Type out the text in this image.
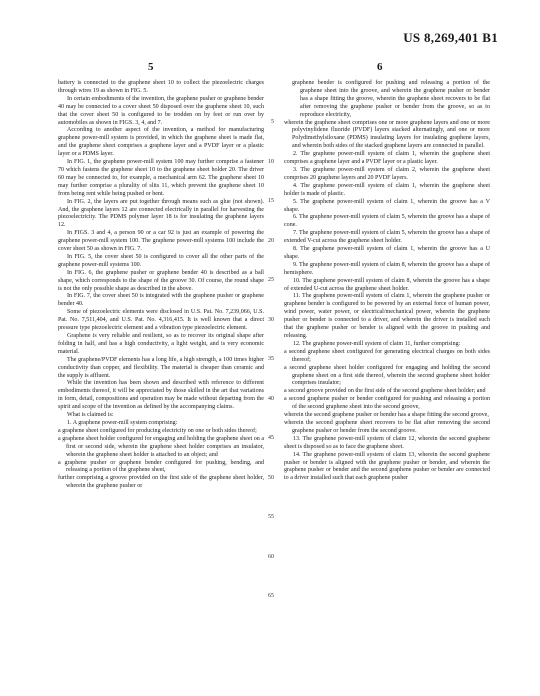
US 8,269,401 B1
5	6

battery is connected to the graphene sheet 10 to collect the piezoelectric charges through wires 19 as shown in FIG. 5.

In certain embodiments of the invention, the graphene pusher or graphene bender 40 may be connected to a cover sheet 50 disposed over the graphene sheet 10, such that the cover sheet 50 is configured to be trodden on by feet or run over by automobiles as shown in FIGS. 3, 4, and 7.

According to another aspect of the invention, a method for manufacturing graphene power-mill system is provided, in which the graphene sheet is made flat, and the graphene sheet comprises a graphene layer and a PVDF layer or a plastic layer or a PDMS layer.

In FIG. 1, the graphene power-mill system 100 may further comprise a fastener 70 which fastens the graphene sheet 10 to the graphene sheet holder 20. The driver 60 may be connected to, for example, a mechanical arm 62. The graphene sheet 10 may further comprise a plurality of slits 11, which prevent the graphene sheet 10 from being rent while being pushed or bent.

In FIG. 2, the layers are put together through means such as glue (not shown). And, the graphene layers 12 are connected electrically in parallel for harvesting the piezoelectricity. The PDMS polymer layer 18 is for insulating the graphene layers 12.

In FIGS. 3 and 4, a person 90 or a car 92 is just an example of powering the graphene power-mill system 100. The graphene power-mill systems 100 include the cover sheet 50 as shown in FIG. 7.

In FIG. 5, the cover sheet 50 is configured to cover all the other parts of the graphene power-mill systems 100.

In FIG. 6, the graphene pusher or graphene bender 40 is described as a ball shape, which corresponds to the shape of the groove 30. Of course, the round shape is not the only possible shape as described in the above.

In FIG. 7, the cover sheet 50 is integrated with the graphene pusher or graphene bender 40.

Some of piezoelectric elements were disclosed in U.S. Pat. No. 7,239,066, U.S. Pat. No. 7,511,404, and U.S. Pat. No. 4,316,415. It is well known that a direct pressure type piezoelectric element and a vibration type piezoelectric element.

Graphene is very reliable and resilient, so as to recover its original shape after folding in half, and has a high conductivity, a light weight, and is very economic material.

The graphene/PVDF elements has a long life, a high strength, a 100 times higher conductivity than copper, and flexibility. The material is cheaper than ceramic and the supply is affluent.

While the invention has been shown and described with reference to different embodiments thereof, it will be appreciated by those skilled in the art that variations in form, detail, compositions and operation may be made without departing from the spirit and scope of the invention as defined by the accompanying claims.

What is claimed is:

1. A graphene power-mill system comprising:

a graphene sheet configured for producing electricity on one or both sides thereof;

a graphene sheet holder configured for engaging and holding the graphene sheet on a first or second side, wherein the graphene sheet holder comprises an insulator, wherein the graphene sheet holder is attached to an object; and

a graphene pusher or graphene bender configured for pushing, bending, and releasing a portion of the graphene sheet,

further comprising a groove provided on the first side of the graphene sheet holder, wherein the graphene pusher or

graphene bender is configured for pushing and releasing a portion of the graphene sheet into the groove, and wherein the graphene pusher or bender has a shape fitting the groove, wherein the graphene sheet recovers to be flat after removing the graphene pusher or bender from the groove, so as to reproduce electricity,

wherein the graphene sheet comprises one or more graphene layers and one or more polyvinylidene fluoride (PVDF) layers stacked alternatingly, and one or more Polydimethylsiloxane (PDMS) insulating layers for insulating graphene layers, and wherein both sides of the stacked graphene layers are connected in parallel.

2. The graphene power-mill system of claim 1, wherein the graphene sheet comprises a graphene layer and a PVDF layer or a plastic layer.

3. The graphene power-mill system of claim 2, wherein the graphene sheet comprises 20 graphene layers and 20 PVDF layers.

4. The graphene power-mill system of claim 1, wherein the graphene sheet holder is made of plastic.

5. The graphene power-mill system of claim 1, wherein the groove has a V shape.

6. The graphene power-mill system of claim 5, wherein the groove has a shape of cone.

7. The graphene power-mill system of claim 5, wherein the groove has a shape of extended V-cut across the graphene sheet holder.

8. The graphene power-mill system of claim 1, wherein the groove has a U shape.

9. The graphene power-mill system of claim 8, wherein the groove has a shape of hemisphere.

10. The graphene power-mill system of claim 8, wherein the groove has a shape of extended U-cut across the graphene sheet holder.

11. The graphene power-mill system of claim 1, wherein the graphene pusher or graphene bender is configured to be powered by an external force of human power, wind power, water power, or electrical/mechanical power, wherein the graphene pusher or bender is connected to a driver, and wherein the driver is installed such that the graphene pusher or bender is aligned with the groove in pushing and releasing.

12. The graphene power-mill system of claim 11, further comprising:

a second graphene sheet configured for generating electrical charges on both sides thereof;

a second graphene sheet holder configured for engaging and holding the second graphene sheet on a first side thereof, wherein the second graphene sheet holder comprises insulator;

a second groove provided on the first side of the second graphene sheet holder; and

a second graphene pusher or bender configured for pushing and releasing a portion of the second graphene sheet into the second groove,

wherein the second graphene pusher or bender has a shape fitting the second groove,

wherein the second graphene sheet recovers to be flat after removing the second graphene pusher or bender from the second groove.

13. The graphene power-mill system of claim 12, wherein the second graphene sheet is disposed so as to face the graphene sheet.

14. The graphene power-mill system of claim 13, wherein the second graphene pusher or bender is aligned with the graphene pusher or bender, and wherein the graphene pusher or bender and the second graphene pusher or bender are connected to a driver installed such that each graphene pusher

5
10
15
20
25
30
35
40
45
50
55
60
65
